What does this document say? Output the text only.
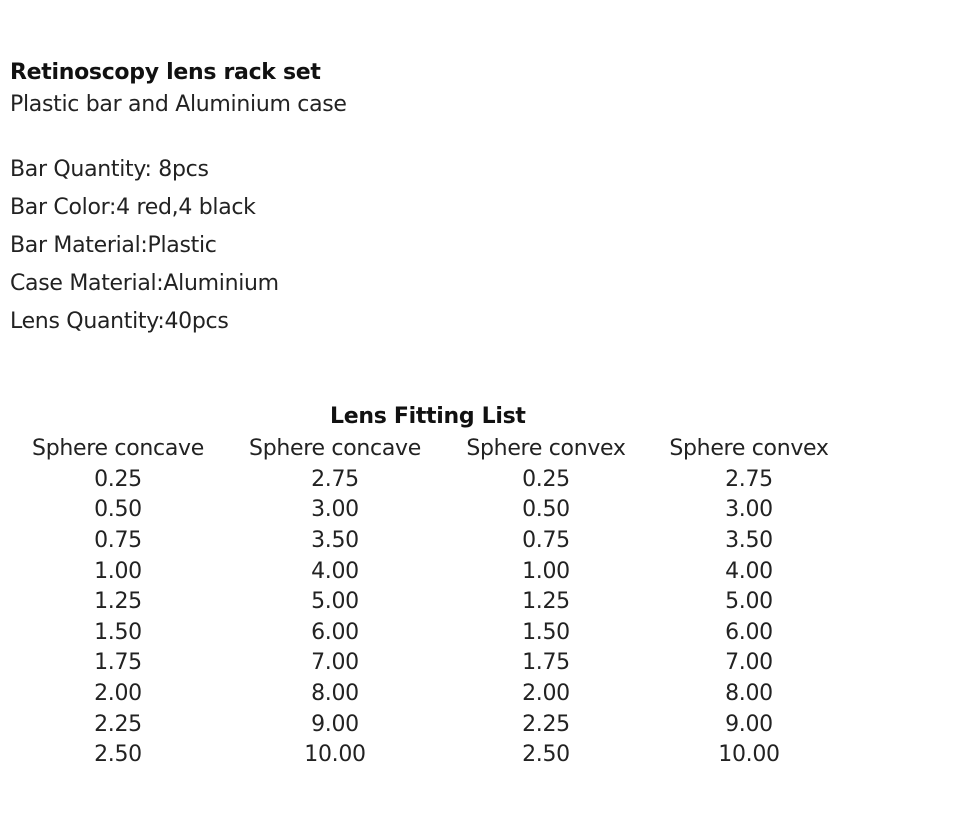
Retinoscopy lens rack set
Plastic bar and Aluminium case
Bar Quantity: 8pcs
Bar Color:4 red,4 black
Bar Material:Plastic
Case Material:Aluminium
Lens Quantity:40pcs
Lens Fitting List
Sphere concave	Sphere concave	Sphere convex	Sphere convex
0.25	2.75	0.25	2.75
0.50	3.00	0.50	3.00
0.75	3.50	0.75	3.50
1.00	4.00	1.00	4.00
1.25	5.00	1.25	5.00
1.50	6.00	1.50	6.00
1.75	7.00	1.75	7.00
2.00	8.00	2.00	8.00
2.25	9.00	2.25	9.00
2.50	10.00	2.50	10.00
